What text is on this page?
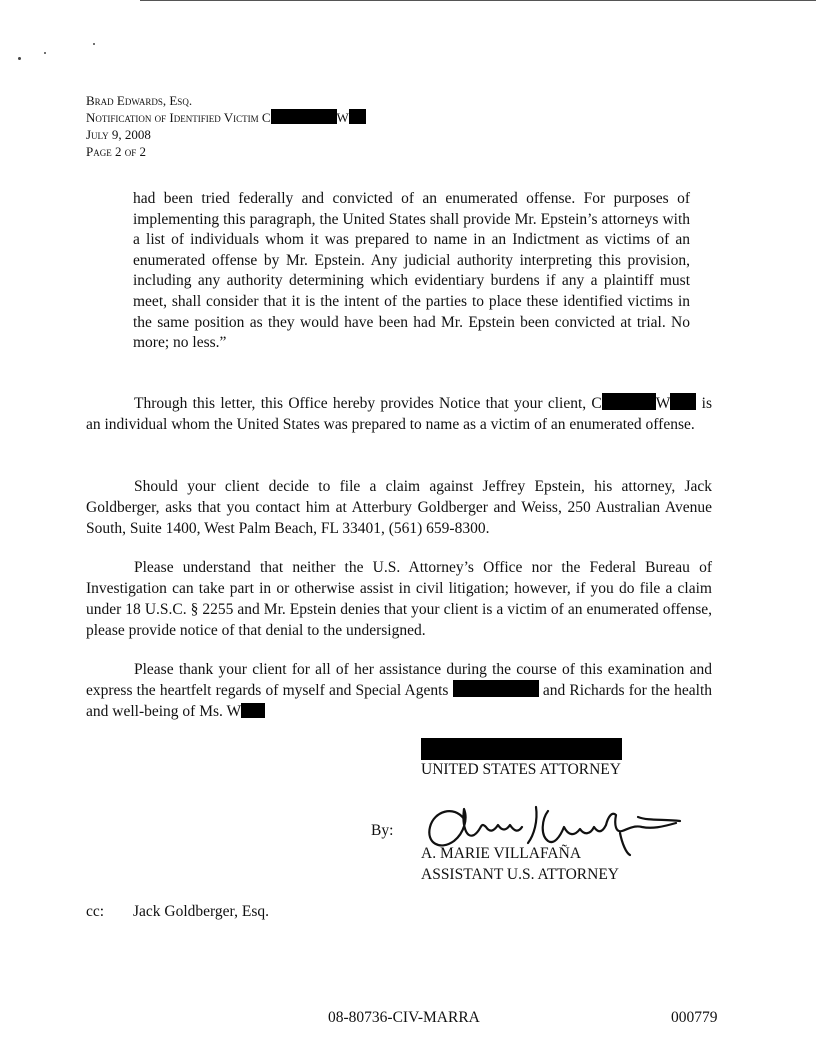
Brad Edwards, Esq.
Notification of Identified Victim C	W
July 9, 2008
Page 2 of 2
had been tried federally and convicted of an enumerated offense. For purposes of implementing this paragraph, the United States shall provide Mr. Epstein’s attorneys with a list of individuals whom it was prepared to name in an Indictment as victims of an enumerated offense by Mr. Epstein. Any judicial authority interpreting this provision, including any authority determining which evidentiary burdens if any a plaintiff must meet, shall consider that it is the intent of the parties to place these identified victims in the same position as they would have been had Mr. Epstein been convicted at trial. No more; no less.”
Through this letter, this Office hereby provides Notice that your client, C	W is an individual whom the United States was prepared to name as a victim of an enumerated offense.
Should your client decide to file a claim against Jeffrey Epstein, his attorney, Jack Goldberger, asks that you contact him at Atterbury Goldberger and Weiss, 250 Australian Avenue South, Suite 1400, West Palm Beach, FL 33401, (561) 659-8300.
Please understand that neither the U.S. Attorney’s Office nor the Federal Bureau of Investigation can take part in or otherwise assist in civil litigation; however, if you do file a claim under 18 U.S.C. § 2255 and Mr. Epstein denies that your client is a victim of an enumerated offense, please provide notice of that denial to the undersigned.
Please thank your client for all of her assistance during the course of this examination and express the heartfelt regards of myself and Special Agents	and Richards for the health and well-being of Ms. W
UNITED STATES ATTORNEY
By:
A. MARIE VILLAFAÑA
ASSISTANT U.S. ATTORNEY
cc: Jack Goldberger, Esq.
08-80736-CIV-MARRA	000779
